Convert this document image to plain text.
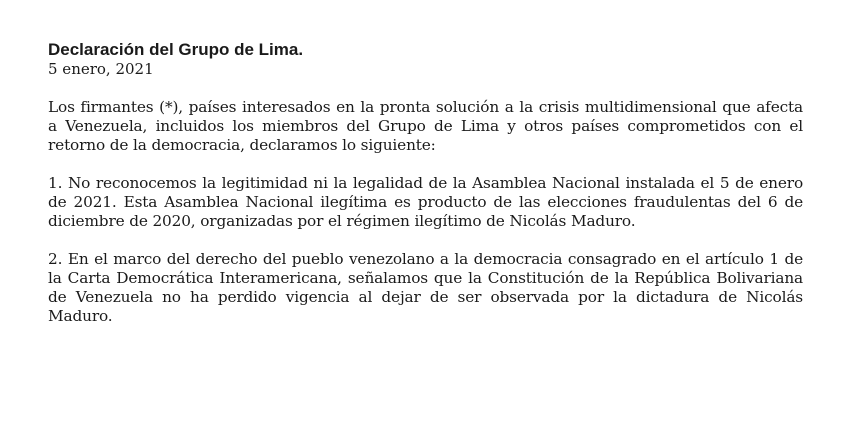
Declaración del Grupo de Lima.

5 enero, 2021

Los firmantes (*), países interesados en la pronta solución a la crisis multidimensional que afecta a Venezuela, incluidos los miembros del Grupo de Lima y otros países comprometidos con el retorno de la democracia, declaramos lo siguiente:

1. No reconocemos la legitimidad ni la legalidad de la Asamblea Nacional instalada el 5 de enero de 2021. Esta Asamblea Nacional ilegítima es producto de las elecciones fraudulentas del 6 de diciembre de 2020, organizadas por el régimen ilegítimo de Nicolás Maduro.

2. En el marco del derecho del pueblo venezolano a la democracia consagrado en el artículo 1 de la Carta Democrática Interamericana, señalamos que la Constitución de la República Bolivariana de Venezuela no ha perdido vigencia al dejar de ser observada por la dictadura de Nicolás Maduro.
